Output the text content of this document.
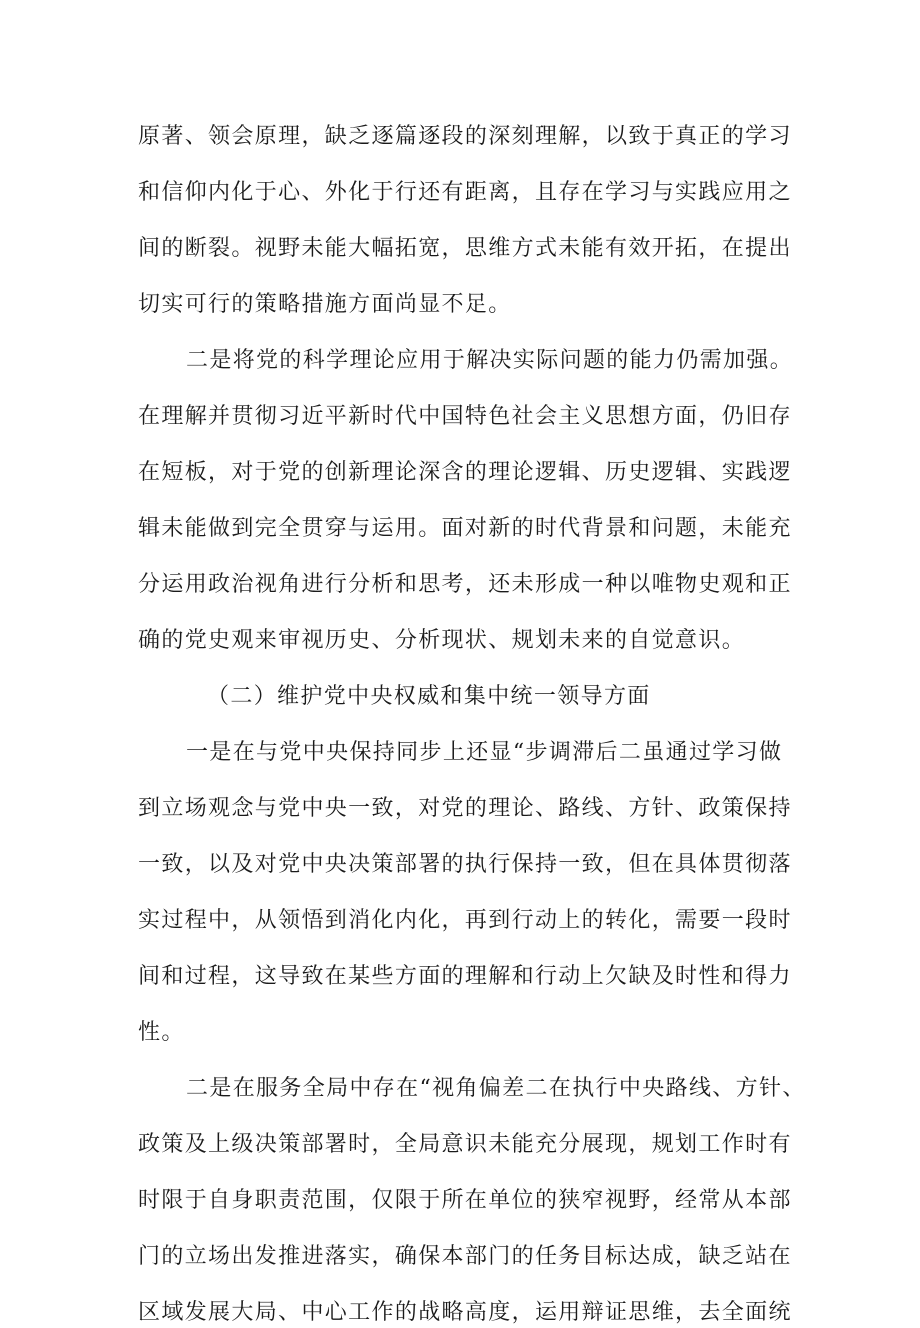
原著、领会原理，缺乏逐篇逐段的深刻理解，以致于真正的学习
和信仰内化于心、外化于行还有距离，且存在学习与实践应用之
间的断裂。视野未能大幅拓宽，思维方式未能有效开拓，在提出
切实可行的策略措施方面尚显不足。
二是将党的科学理论应用于解决实际问题的能力仍需加强。
在理解并贯彻习近平新时代中国特色社会主义思想方面，仍旧存
在短板，对于党的创新理论深含的理论逻辑、历史逻辑、实践逻
辑未能做到完全贯穿与运用。面对新的时代背景和问题，未能充
分运用政治视角进行分析和思考，还未形成一种以唯物史观和正
确的党史观来审视历史、分析现状、规划未来的自觉意识。
（二）维护党中央权威和集中统一领导方面
一是在与党中央保持同步上还显“步调滞后二虽通过学习做
到立场观念与党中央一致，对党的理论、路线、方针、政策保持
一致，以及对党中央决策部署的执行保持一致，但在具体贯彻落
实过程中，从领悟到消化内化，再到行动上的转化，需要一段时
间和过程，这导致在某些方面的理解和行动上欠缺及时性和得力
性。
二是在服务全局中存在“视角偏差二在执行中央路线、方针、
政策及上级决策部署时，全局意识未能充分展现，规划工作时有
时限于自身职责范围，仅限于所在单位的狭窄视野，经常从本部
门的立场出发推进落实，确保本部门的任务目标达成，缺乏站在
区域发展大局、中心工作的战略高度，运用辩证思维，去全面统
